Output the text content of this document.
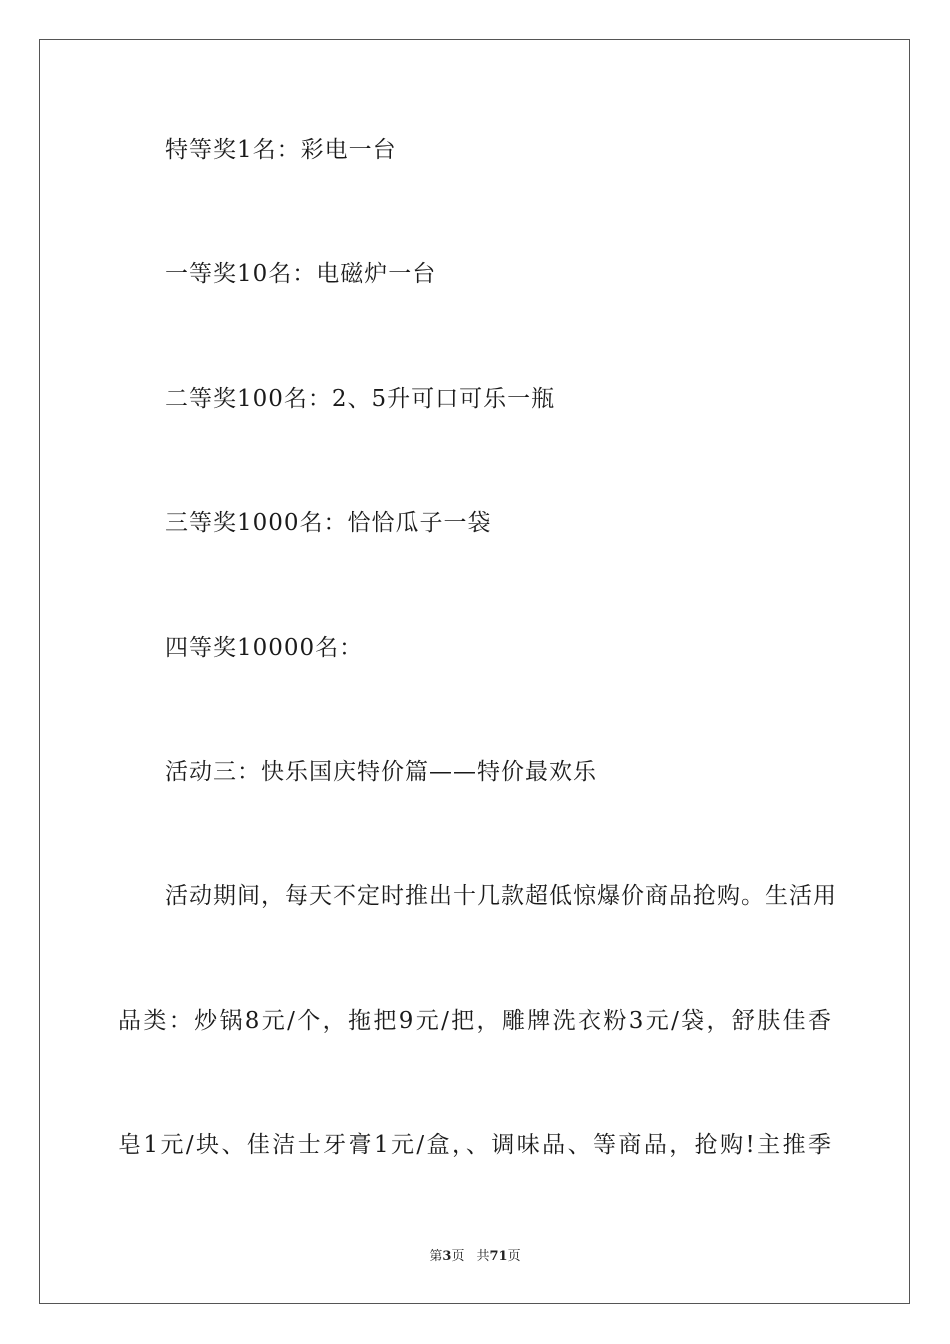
特等奖1名：彩电一台
一等奖10名：电磁炉一台
二等奖100名：2、5升可口可乐一瓶
三等奖1000名：恰恰瓜子一袋
四等奖10000名：
活动三：快乐国庆特价篇——特价最欢乐
活动期间，每天不定时推出十几款超低惊爆价商品抢购。生活用
品类：炒锅8元/个，拖把9元/把，雕牌洗衣粉3元/袋，舒肤佳香
皂1元/块、佳洁士牙膏1元/盒，、调味品、等商品，抢购!主推季
第3页 共71页
